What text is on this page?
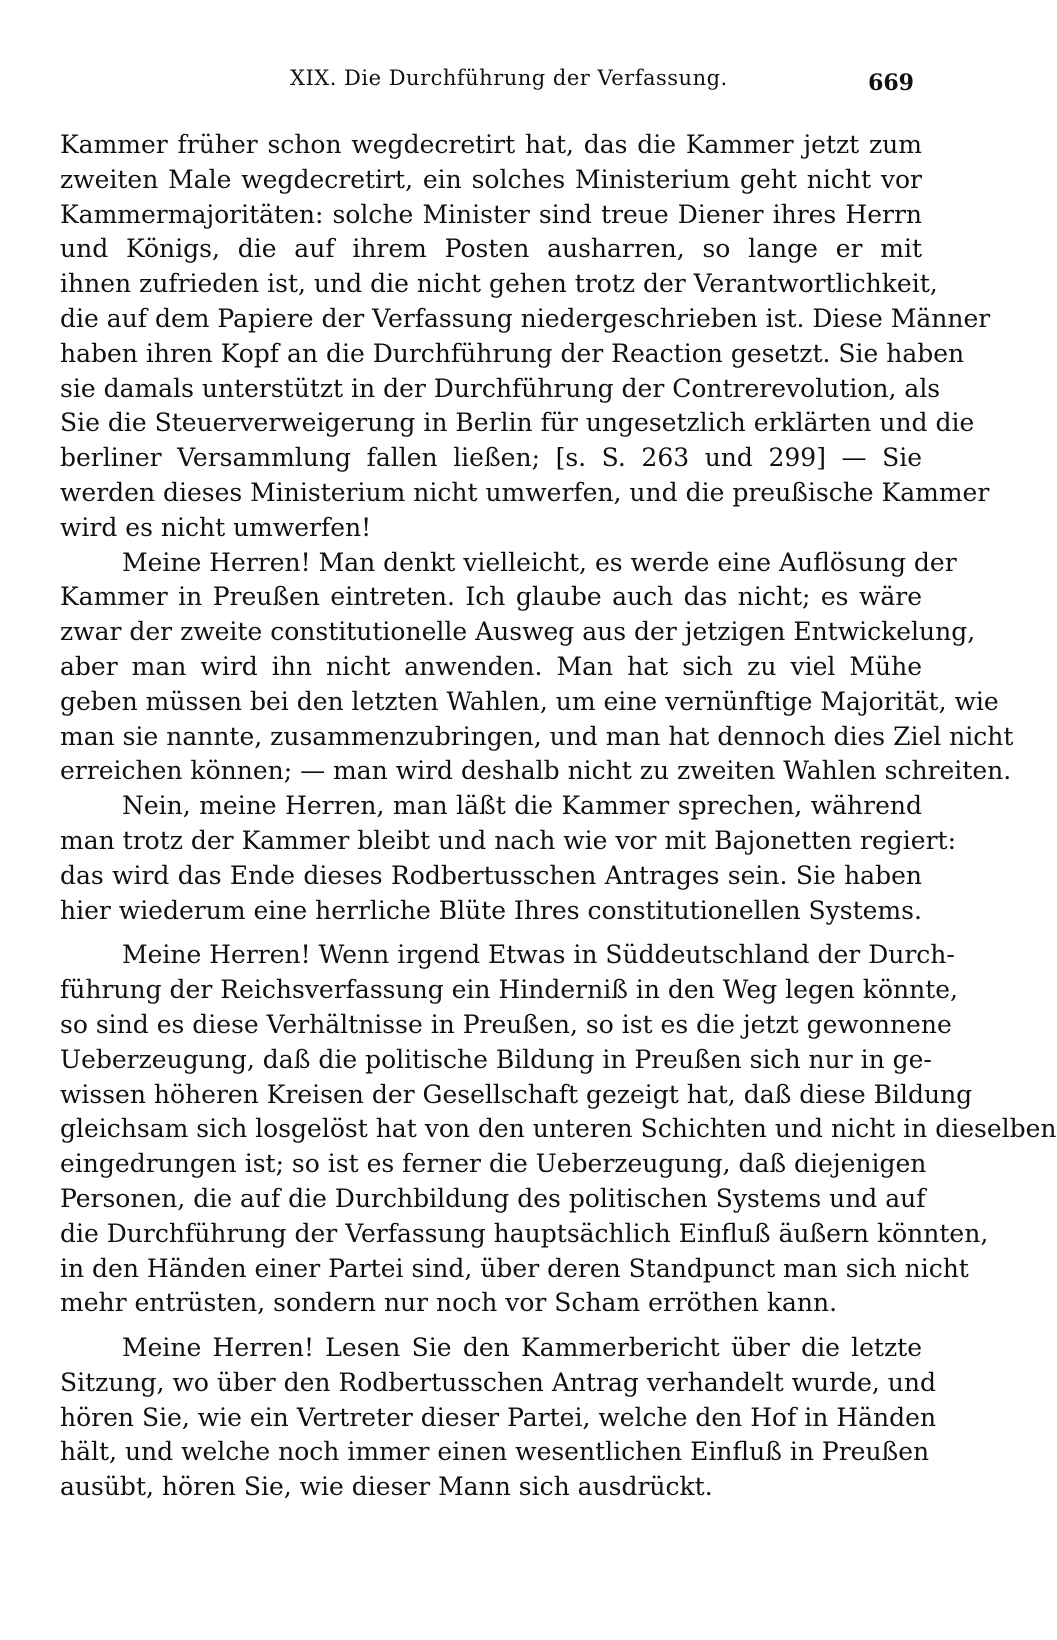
XIX. Die Durchführung der Verfassung.	669
Kammer früher schon wegdecretirt hat, das die Kammer jetzt zum
zweiten Male wegdecretirt, ein solches Ministerium geht nicht vor
Kammermajoritäten: solche Minister sind treue Diener ihres Herrn
und Königs, die auf ihrem Posten ausharren, so lange er mit
ihnen zufrieden ist, und die nicht gehen trotz der Verantwortlichkeit,
die auf dem Papiere der Verfassung niedergeschrieben ist. Diese Männer
haben ihren Kopf an die Durchführung der Reaction gesetzt. Sie haben
sie damals unterstützt in der Durchführung der Contrerevolution, als
Sie die Steuerverweigerung in Berlin für ungesetzlich erklärten und die
berliner Versammlung fallen ließen; [s. S. 263 und 299] — Sie
werden dieses Ministerium nicht umwerfen, und die preußische Kammer
wird es nicht umwerfen!
Meine Herren! Man denkt vielleicht, es werde eine Auflösung der
Kammer in Preußen eintreten. Ich glaube auch das nicht; es wäre
zwar der zweite constitutionelle Ausweg aus der jetzigen Entwickelung,
aber man wird ihn nicht anwenden. Man hat sich zu viel Mühe
geben müssen bei den letzten Wahlen, um eine vernünftige Majorität, wie
man sie nannte, zusammenzubringen, und man hat dennoch dies Ziel nicht
erreichen können; — man wird deshalb nicht zu zweiten Wahlen schreiten.
Nein, meine Herren, man läßt die Kammer sprechen, während
man trotz der Kammer bleibt und nach wie vor mit Bajonetten regiert:
das wird das Ende dieses Rodbertusschen Antrages sein. Sie haben
hier wiederum eine herrliche Blüte Ihres constitutionellen Systems.
Meine Herren! Wenn irgend Etwas in Süddeutschland der Durch-
führung der Reichsverfassung ein Hinderniß in den Weg legen könnte,
so sind es diese Verhältnisse in Preußen, so ist es die jetzt gewonnene
Ueberzeugung, daß die politische Bildung in Preußen sich nur in ge-
wissen höheren Kreisen der Gesellschaft gezeigt hat, daß diese Bildung
gleichsam sich losgelöst hat von den unteren Schichten und nicht in dieselben
eingedrungen ist; so ist es ferner die Ueberzeugung, daß diejenigen
Personen, die auf die Durchbildung des politischen Systems und auf
die Durchführung der Verfassung hauptsächlich Einfluß äußern könnten,
in den Händen einer Partei sind, über deren Standpunct man sich nicht
mehr entrüsten, sondern nur noch vor Scham erröthen kann.
Meine Herren! Lesen Sie den Kammerbericht über die letzte
Sitzung, wo über den Rodbertusschen Antrag verhandelt wurde, und
hören Sie, wie ein Vertreter dieser Partei, welche den Hof in Händen
hält, und welche noch immer einen wesentlichen Einfluß in Preußen
ausübt, hören Sie, wie dieser Mann sich ausdrückt.
